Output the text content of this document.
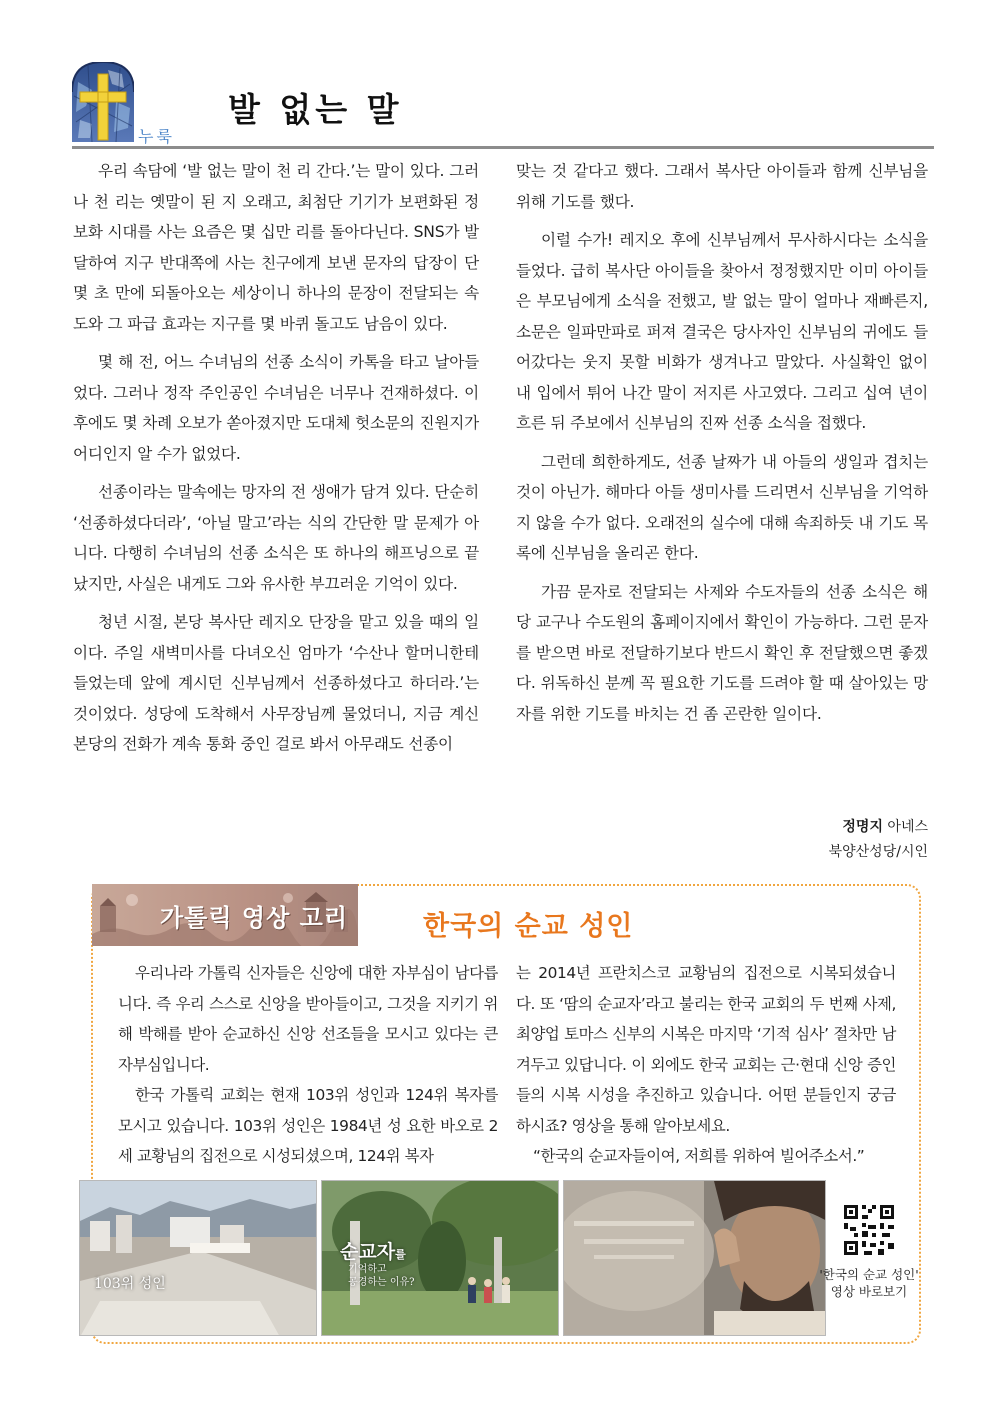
누룩
발 없는 말

우리 속담에 ‘발 없는 말이 천 리 간다.’는 말이 있다. 그러나 천 리는 옛말이 된 지 오래고, 최첨단 기기가 보편화된 정보화 시대를 사는 요즘은 몇 십만 리를 돌아다닌다. SNS가 발달하여 지구 반대쪽에 사는 친구에게 보낸 문자의 답장이 단 몇 초 만에 되돌아오는 세상이니 하나의 문장이 전달되는 속도와 그 파급 효과는 지구를 몇 바퀴 돌고도 남음이 있다.

몇 해 전, 어느 수녀님의 선종 소식이 카톡을 타고 날아들었다. 그러나 정작 주인공인 수녀님은 너무나 건재하셨다. 이후에도 몇 차례 오보가 쏟아졌지만 도대체 헛소문의 진원지가 어디인지 알 수가 없었다.

선종이라는 말속에는 망자의 전 생애가 담겨 있다. 단순히 ‘선종하셨다더라’, ‘아닐 말고’라는 식의 간단한 말 문제가 아니다. 다행히 수녀님의 선종 소식은 또 하나의 해프닝으로 끝났지만, 사실은 내게도 그와 유사한 부끄러운 기억이 있다.

청년 시절, 본당 복사단 레지오 단장을 맡고 있을 때의 일이다. 주일 새벽미사를 다녀오신 엄마가 ‘수산나 할머니한테 들었는데 앞에 계시던 신부님께서 선종하셨다고 하더라.’는 것이었다. 성당에 도착해서 사무장님께 물었더니, 지금 계신 본당의 전화가 계속 통화 중인 걸로 봐서 아무래도 선종이

맞는 것 같다고 했다. 그래서 복사단 아이들과 함께 신부님을 위해 기도를 했다.

이럴 수가! 레지오 후에 신부님께서 무사하시다는 소식을 들었다. 급히 복사단 아이들을 찾아서 정정했지만 이미 아이들은 부모님에게 소식을 전했고, 발 없는 말이 얼마나 재빠른지, 소문은 일파만파로 퍼져 결국은 당사자인 신부님의 귀에도 들어갔다는 웃지 못할 비화가 생겨나고 말았다. 사실확인 없이 내 입에서 튀어 나간 말이 저지른 사고였다. 그리고 십여 년이 흐른 뒤 주보에서 신부님의 진짜 선종 소식을 접했다.

그런데 희한하게도, 선종 날짜가 내 아들의 생일과 겹치는 것이 아닌가. 해마다 아들 생미사를 드리면서 신부님을 기억하지 않을 수가 없다. 오래전의 실수에 대해 속죄하듯 내 기도 목록에 신부님을 올리곤 한다.

가끔 문자로 전달되는 사제와 수도자들의 선종 소식은 해당 교구나 수도원의 홈페이지에서 확인이 가능하다. 그런 문자를 받으면 바로 전달하기보다 반드시 확인 후 전달했으면 좋겠다. 위독하신 분께 꼭 필요한 기도를 드려야 할 때 살아있는 망자를 위한 기도를 바치는 건 좀 곤란한 일이다.

정명지 아네스
북양산성당/시인
가톨릭 영상 고리	한국의 순교 성인

우리나라 가톨릭 신자들은 신앙에 대한 자부심이 남다릅니다. 즉 우리 스스로 신앙을 받아들이고, 그것을 지키기 위해 박해를 받아 순교하신 신앙 선조들을 모시고 있다는 큰 자부심입니다.

한국 가톨릭 교회는 현재 103위 성인과 124위 복자를 모시고 있습니다. 103위 성인은 1984년 성 요한 바오로 2세 교황님의 집전으로 시성되셨으며, 124위 복자

는 2014년 프란치스코 교황님의 집전으로 시복되셨습니다. 또 ‘땀의 순교자’라고 불리는 한국 교회의 두 번째 사제, 최양업 토마스 신부의 시복은 마지막 ‘기적 심사’ 절차만 남겨두고 있답니다. 이 외에도 한국 교회는 근·현대 신앙 증인들의 시복 시성을 추진하고 있습니다. 어떤 분들인지 궁금하시죠? 영상을 통해 알아보세요.

“한국의 순교자들이여, 저희를 위하여 빌어주소서.”

103위 성인
순교자를
기억하고
공경하는 이유?
'한국의 순교 성인' 영상 바로보기
